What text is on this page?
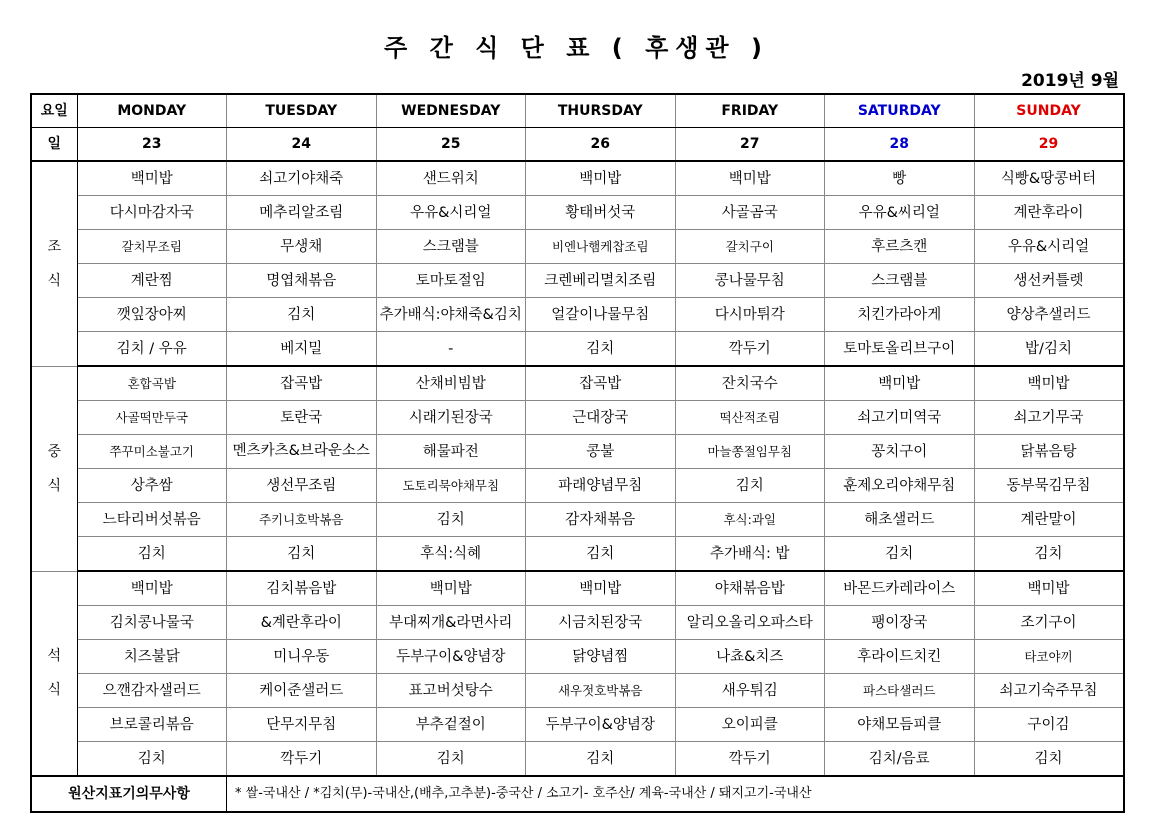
주 간 식 단 표 ( 후생관 )
2019년 9월
요일	MONDAY	TUESDAY	WEDNESDAY	THURSDAY	FRIDAY	SATURDAY	SUNDAY
일	23	24	25	26	27	28	29

조
식	백미밥	쇠고기야채죽	샌드위치	백미밥	백미밥	빵	식빵&땅콩버터
	다시마감자국	메추리알조림	우유&시리얼	황태버섯국	사골곰국	우유&씨리얼	계란후라이
	갈치무조림	무생채	스크램블	비엔나햄케찹조림	갈치구이	후르츠캔	우유&시리얼
	계란찜	명엽채볶음	토마토절임	크렌베리멸치조림	콩나물무침	스크램블	생선커틀렛
	깻잎장아찌	김치	추가배식:야채죽&김치	얼갈이나물무침	다시마튀각	치킨가라아게	양상추샐러드
	김치 / 우유	베지밀	-	김치	깍두기	토마토올리브구이	밥/김치

중
식	혼합곡밥	잡곡밥	산채비빔밥	잡곡밥	잔치국수	백미밥	백미밥
	사골떡만두국	토란국	시래기된장국	근대장국	떡산적조림	쇠고기미역국	쇠고기무국
	쭈꾸미소불고기	멘츠카츠&브라운소스	해물파전	콩불	마늘쫑절임무침	꽁치구이	닭볶음탕
	상추쌈	생선무조림	도토리묵야채무침	파래양념무침	김치	훈제오리야채무침	동부묵김무침
	느타리버섯볶음	주키니호박볶음	김치	감자채볶음	후식:과일	해초샐러드	계란말이
	김치	김치	후식:식혜	김치	추가배식: 밥	김치	김치

석
식	백미밥	김치볶음밥	백미밥	백미밥	야채볶음밥	바몬드카레라이스	백미밥
	김치콩나물국	&계란후라이	부대찌개&라면사리	시금치된장국	알리오올리오파스타	팽이장국	조기구이
	치즈불닭	미니우동	두부구이&양념장	닭양념찜	나쵸&치즈	후라이드치킨	타코야끼
	으깬감자샐러드	케이준샐러드	표고버섯탕수	새우젓호박볶음	새우튀김	파스타샐러드	쇠고기숙주무침
	브로콜리볶음	단무지무침	부추겉절이	두부구이&양념장	오이피클	야채모듬피클	구이김
	김치	깍두기	김치	김치	깍두기	김치/음료	김치
원산지표기의무사항		* 쌀-국내산 / *김치(무)-국내산,(배추,고추분)-중국산 / 소고기- 호주산/ 계육-국내산 / 돼지고기-국내산					
